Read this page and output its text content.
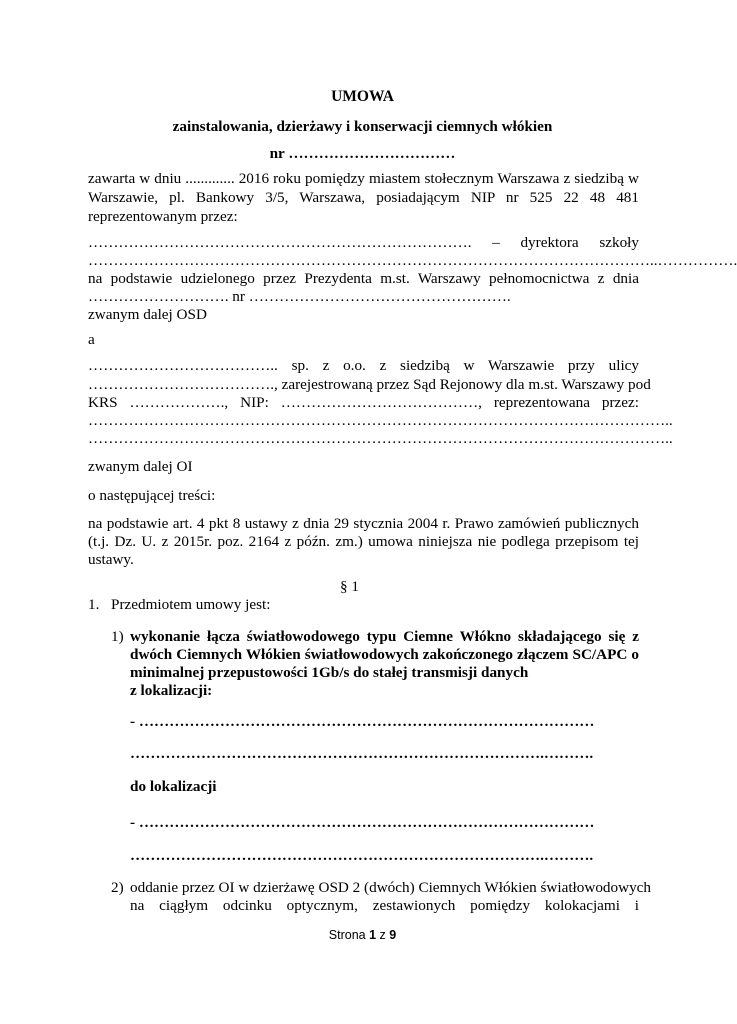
UMOWA
zainstalowania, dzierżawy i konserwacji ciemnych włókien
nr ……………………………
zawarta w dniu ............. 2016 roku pomiędzy miastem stołecznym Warszawa z siedzibą w
Warszawie, pl. Bankowy 3/5, Warszawa, posiadającym NIP nr 525 22 48 481
reprezentowanym przez:
…………………………………………………………………. – dyrektora szkoły
…………………………………………………………………………………………………..…………….
na podstawie udzielonego przez Prezydenta m.st. Warszawy pełnomocnictwa z dnia
………………………. nr …………………………………………….
zwanym dalej OSD
a
……………………………….. sp. z o.o. z siedzibą w Warszawie przy ulicy
………………………………., zarejestrowaną przez Sąd Rejonowy dla m.st. Warszawy pod
KRS ………………., NIP: …………………………………, reprezentowana przez:
……………………………………………………………………………………………………..
……………………………………………………………………………………………………..
zwanym dalej OI
o następującej treści:
na podstawie art. 4 pkt 8 ustawy z dnia 29 stycznia 2004 r. Prawo zamówień publicznych
(t.j. Dz. U. z 2015r. poz. 2164 z późn. zm.) umowa niniejsza nie podlega przepisom tej
ustawy.
§ 1
1. Przedmiotem umowy jest:
1) wykonanie łącza światłowodowego typu Ciemne Włókno składającego się z
dwóch Ciemnych Włókien światłowodowych zakończonego złączem SC/APC o
minimalnej przepustowości 1Gb/s do stałej transmisji danych
z lokalizacji:
- ………………………………………………………………………………
……………………………………………………………………….……….
do lokalizacji
- ………………………………………………………………………………
……………………………………………………………………….……….
2) oddanie przez OI w dzierżawę OSD 2 (dwóch) Ciemnych Włókien światłowodowych
na ciągłym odcinku optycznym, zestawionych pomiędzy kolokacjami i
Strona 1 z 9
